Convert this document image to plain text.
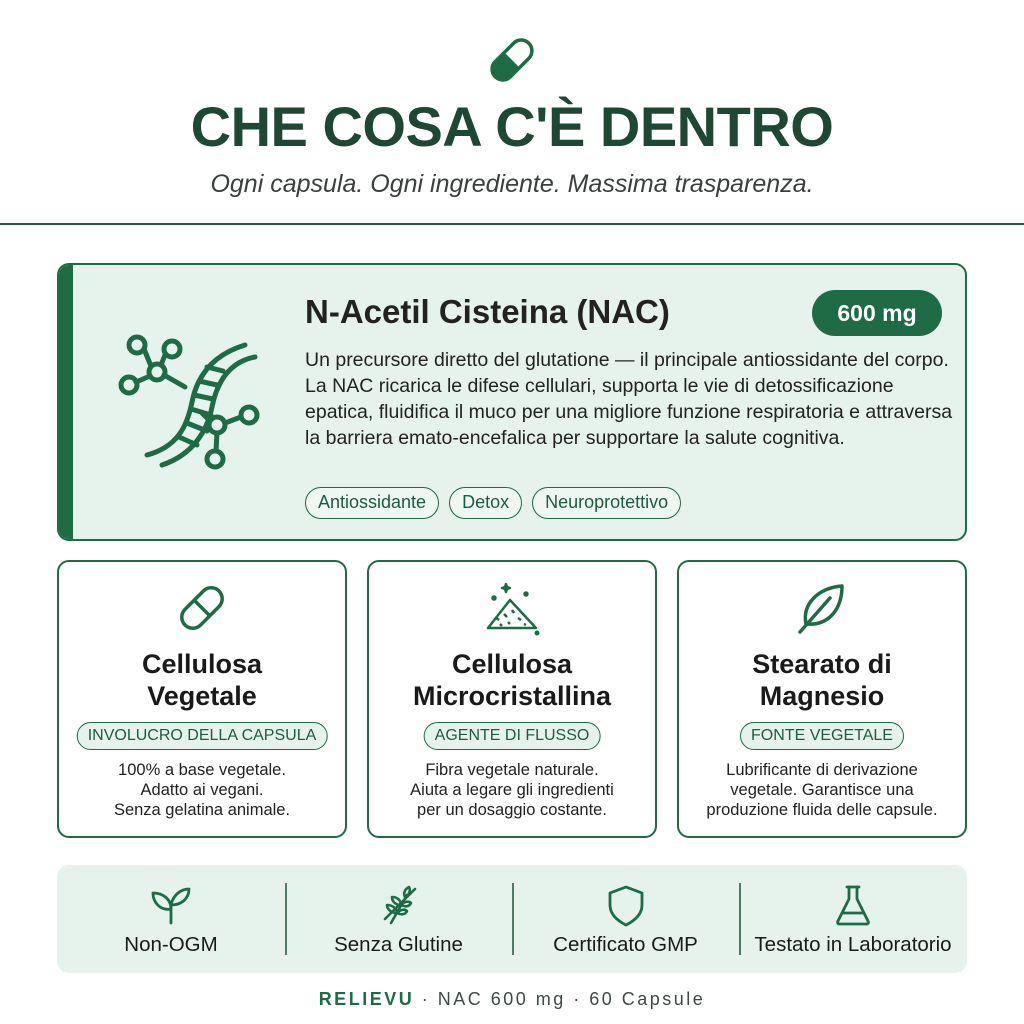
CHE COSA C'È DENTRO
Ogni capsula. Ogni ingrediente. Massima trasparenza.
N-Acetil Cisteina (NAC)	600 mg
Un precursore diretto del glutatione — il principale antiossidante del corpo. La NAC ricarica le difese cellulari, supporta le vie di detossificazione epatica, fluidifica il muco per una migliore funzione respiratoria e attraversa la barriera emato-encefalica per supportare la salute cognitiva.
Antiossidante	Detox	Neuroprotettivo
Cellulosa
Vegetale
INVOLUCRO DELLA CAPSULA
100% a base vegetale.
Adatto ai vegani.
Senza gelatina animale.
Cellulosa
Microcristallina
AGENTE DI FLUSSO
Fibra vegetale naturale.
Aiuta a legare gli ingredienti
per un dosaggio costante.
Stearato di
Magnesio
FONTE VEGETALE
Lubrificante di derivazione
vegetale. Garantisce una
produzione fluida delle capsule.
Non-OGM	Senza Glutine	Certificato GMP	Testato in Laboratorio
RELIEVU · NAC 600 mg · 60 Capsule
